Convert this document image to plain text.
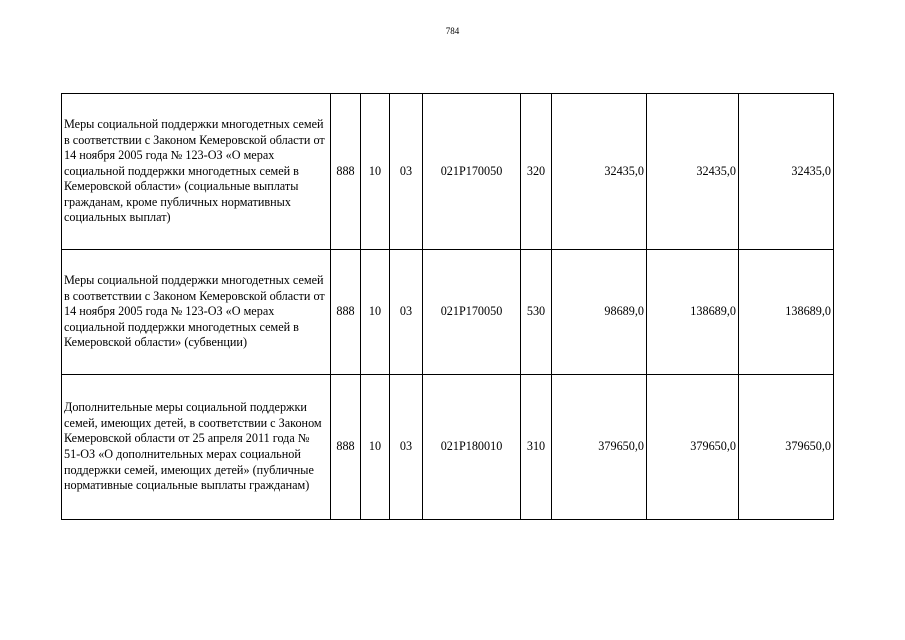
784
Меры социальной поддержки многодетных семей в соответствии с Законом Кемеровской области от 14 ноября 2005 года № 123-ОЗ «О мерах социальной поддержки многодетных семей в Кемеровской области» (социальные выплаты гражданам, кроме публичных нормативных социальных выплат)	888	10	03	021P170050	320	32435,0	32435,0	32435,0
Меры социальной поддержки многодетных семей в соответствии с Законом Кемеровской области от 14 ноября 2005 года № 123-ОЗ «О мерах социальной поддержки многодетных семей в Кемеровской области» (субвенции)	888	10	03	021P170050	530	98689,0	138689,0	138689,0
Дополнительные меры социальной поддержки семей, имеющих детей, в соответствии с Законом Кемеровской области от 25 апреля 2011 года № 51-ОЗ «О дополнительных мерах социальной поддержки семей, имеющих детей» (публичные нормативные социальные выплаты гражданам)	888	10	03	021P180010	310	379650,0	379650,0	379650,0
